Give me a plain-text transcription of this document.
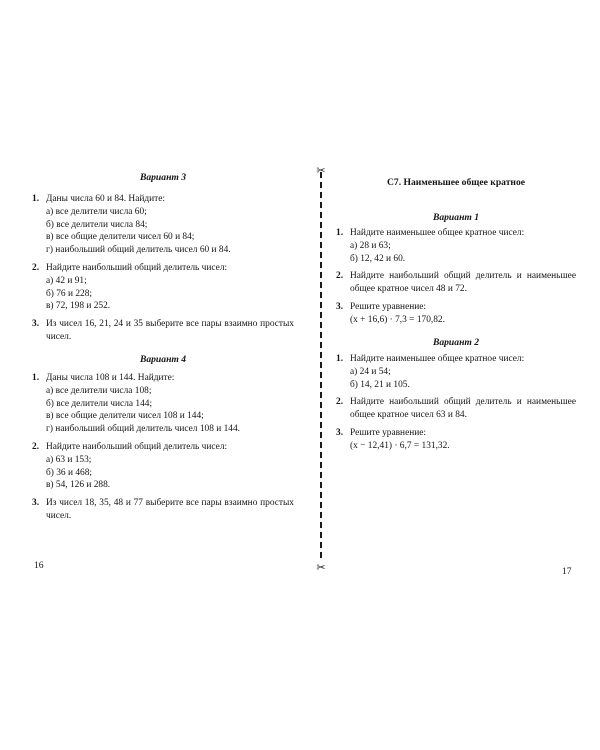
Вариант 3
1. Даны числа 60 и 84. Найдите:
а) все делители числа 60;
б) все делители числа 84;
в) все общие делители чисел 60 и 84;
г) наибольший общий делитель чисел 60 и 84.
2. Найдите наибольший общий делитель чисел:
а) 42 и 91;
б) 76 и 228;
в) 72, 198 и 252.
3. Из чисел 16, 21, 24 и 35 выберите все пары взаимно простых чисел.
Вариант 4
1. Даны числа 108 и 144. Найдите:
а) все делители числа 108;
б) все делители числа 144;
в) все общие делители чисел 108 и 144;
г) наибольший общий делитель чисел 108 и 144.
2. Найдите наибольший общий делитель чисел:
а) 63 и 153;
б) 36 и 468;
в) 54, 126 и 288.
3. Из чисел 18, 35, 48 и 77 выберите все пары взаимно простых чисел.
16
✂
✂
С7. Наименьшее общее кратное
Вариант 1
1. Найдите наименьшее общее кратное чисел:
а) 28 и 63;
б) 12, 42 и 60.
2. Найдите наибольший общий делитель и наименьшее общее кратное чисел 48 и 72.
3. Решите уравнение:
(x + 16,6) · 7,3 = 170,82.
Вариант 2
1. Найдите наименьшее общее кратное чисел:
а) 24 и 54;
б) 14, 21 и 105.
2. Найдите наибольший общий делитель и наименьшее общее кратное чисел 63 и 84.
3. Решите уравнение:
(x − 12,41) · 6,7 = 131,32.
17
